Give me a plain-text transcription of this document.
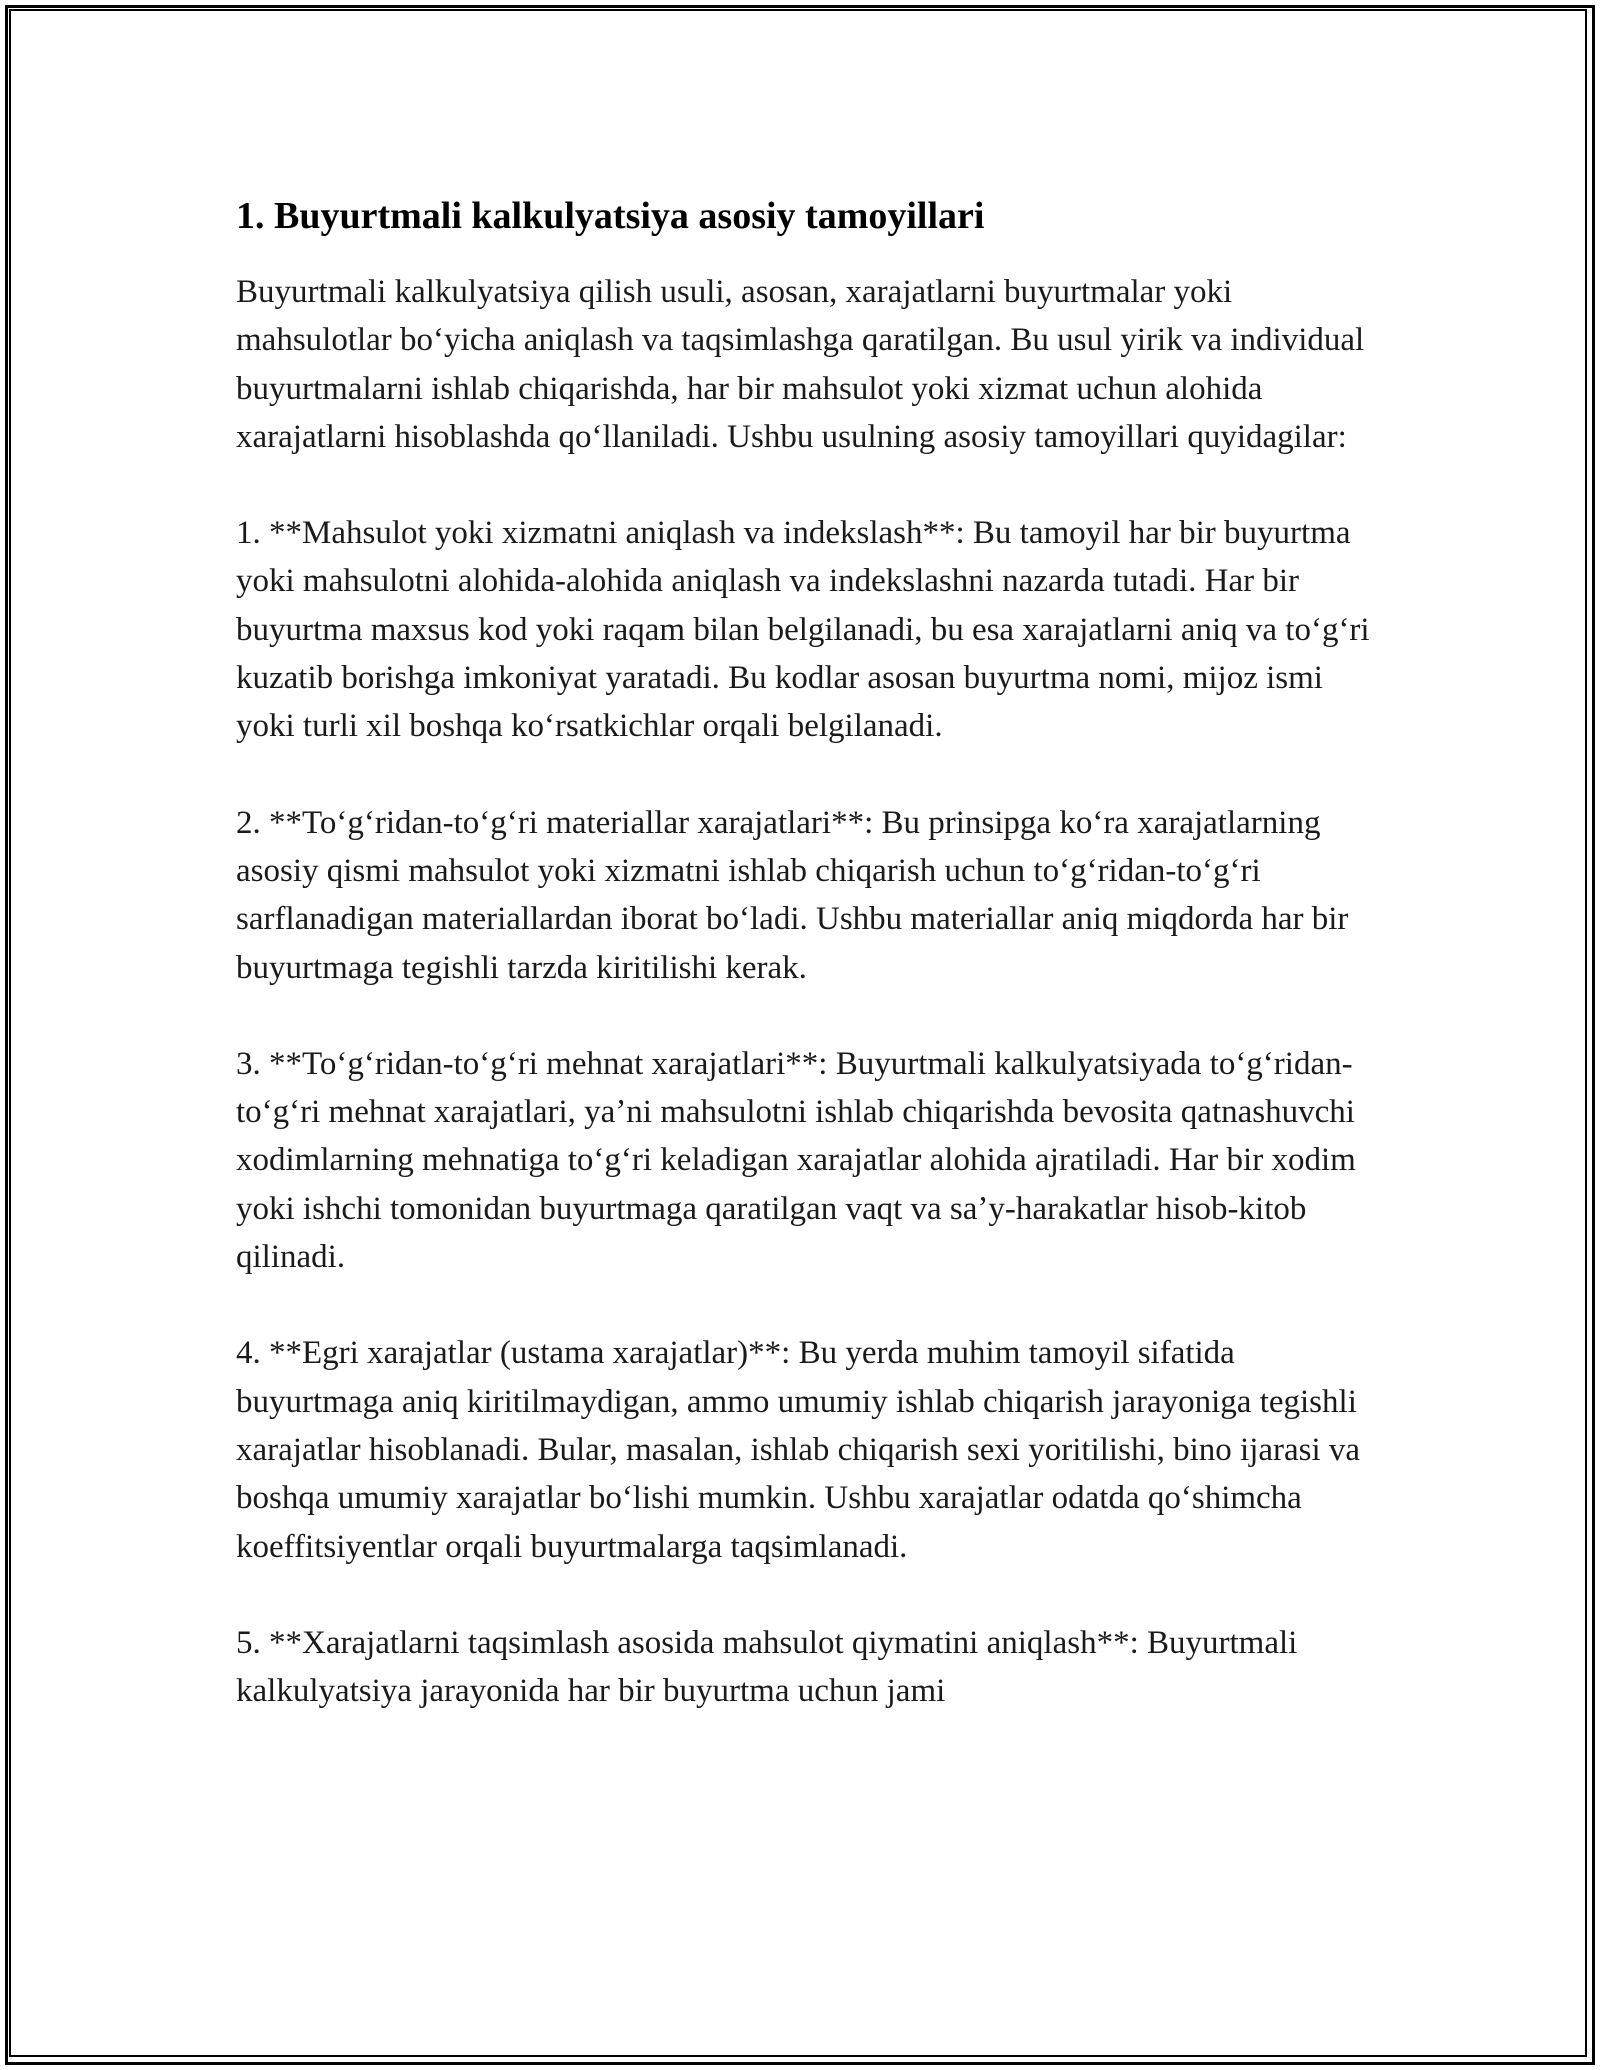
1. Buyurtmali kalkulyatsiya asosiy tamoyillari

Buyurtmali kalkulyatsiya qilish usuli, asosan, xarajatlarni buyurtmalar yoki mahsulotlar boʻyicha aniqlash va taqsimlashga qaratilgan. Bu usul yirik va individual buyurtmalarni ishlab chiqarishda, har bir mahsulot yoki xizmat uchun alohida xarajatlarni hisoblashda qoʻllaniladi. Ushbu usulning asosiy tamoyillari quyidagilar:

1. **Mahsulot yoki xizmatni aniqlash va indekslash**: Bu tamoyil har bir buyurtma yoki mahsulotni alohida-alohida aniqlash va indekslashni nazarda tutadi. Har bir buyurtma maxsus kod yoki raqam bilan belgilanadi, bu esa xarajatlarni aniq va toʻgʻri kuzatib borishga imkoniyat yaratadi. Bu kodlar asosan buyurtma nomi, mijoz ismi yoki turli xil boshqa koʻrsatkichlar orqali belgilanadi.

2. **Toʻgʻridan-toʻgʻri materiallar xarajatlari**: Bu prinsipga koʻra xarajatlarning asosiy qismi mahsulot yoki xizmatni ishlab chiqarish uchun toʻgʻridan-toʻgʻri sarflanadigan materiallardan iborat boʻladi. Ushbu materiallar aniq miqdorda har bir buyurtmaga tegishli tarzda kiritilishi kerak.

3. **Toʻgʻridan-toʻgʻri mehnat xarajatlari**: Buyurtmali kalkulyatsiyada toʻgʻridan-toʻgʻri mehnat xarajatlari, yaʼni mahsulotni ishlab chiqarishda bevosita qatnashuvchi xodimlarning mehnatiga toʻgʻri keladigan xarajatlar alohida ajratiladi. Har bir xodim yoki ishchi tomonidan buyurtmaga qaratilgan vaqt va saʼy-harakatlar hisob-kitob qilinadi.

4. **Egri xarajatlar (ustama xarajatlar)**: Bu yerda muhim tamoyil sifatida buyurtmaga aniq kiritilmaydigan, ammo umumiy ishlab chiqarish jarayoniga tegishli xarajatlar hisoblanadi. Bular, masalan, ishlab chiqarish sexi yoritilishi, bino ijarasi va boshqa umumiy xarajatlar boʻlishi mumkin. Ushbu xarajatlar odatda qoʻshimcha koeffitsiyentlar orqali buyurtmalarga taqsimlanadi.

5. **Xarajatlarni taqsimlash asosida mahsulot qiymatini aniqlash**: Buyurtmali kalkulyatsiya jarayonida har bir buyurtma uchun jami
